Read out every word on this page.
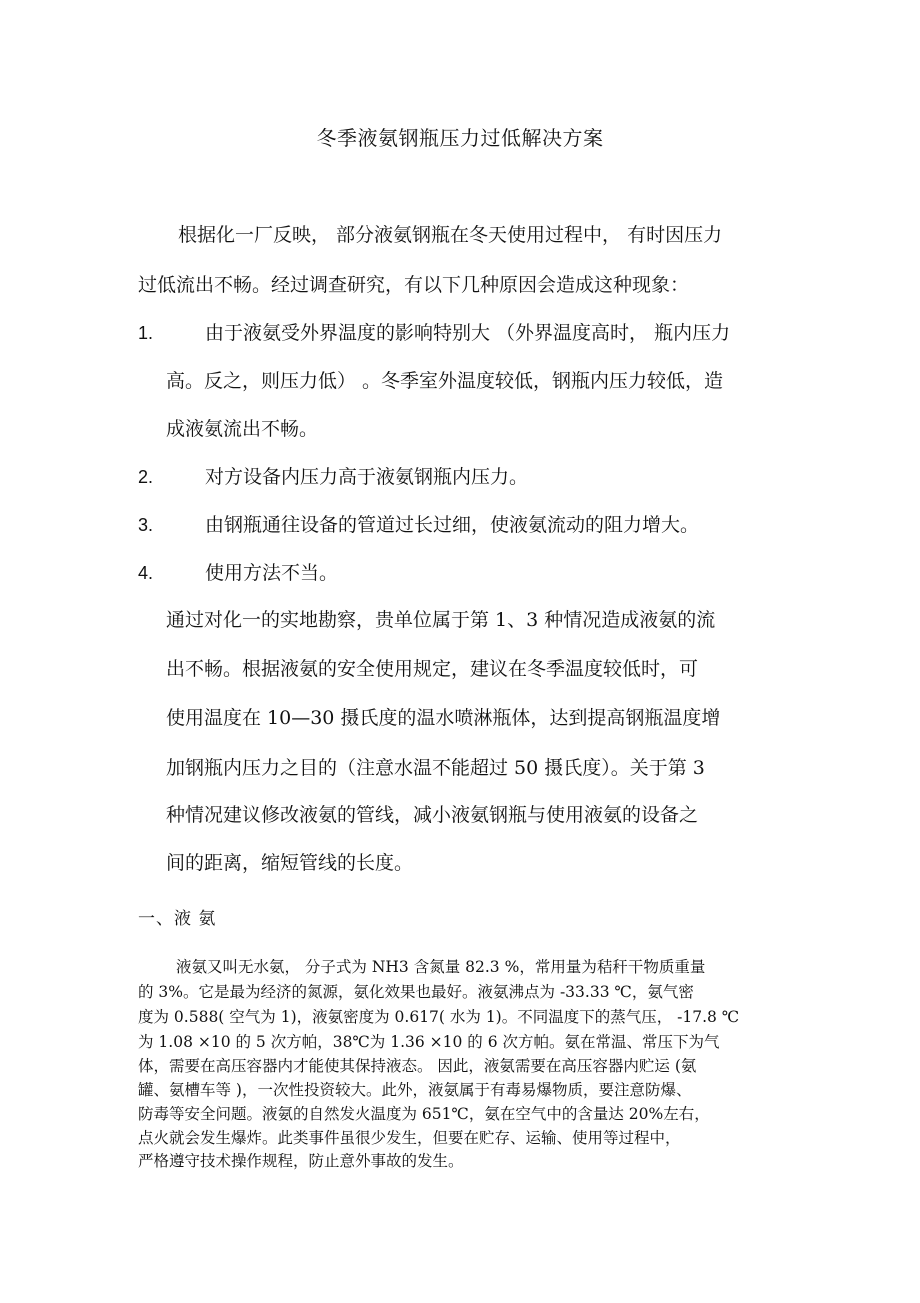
冬季液氨钢瓶压力过低解决方案
根据化一厂反映， 部分液氨钢瓶在冬天使用过程中， 有时因压力
过低流出不畅。经过调查研究，有以下几种原因会造成这种现象：
1.	由于液氨受外界温度的影响特别大 （外界温度高时， 瓶内压力
高。反之，则压力低） 。冬季室外温度较低，钢瓶内压力较低，造
成液氨流出不畅。
2.	对方设备内压力高于液氨钢瓶内压力。
3.	由钢瓶通往设备的管道过长过细，使液氨流动的阻力增大。
4.	使用方法不当。
通过对化一的实地勘察，贵单位属于第 1、3 种情况造成液氨的流
出不畅。根据液氨的安全使用规定，建议在冬季温度较低时，可
使用温度在 10—30 摄氏度的温水喷淋瓶体，达到提高钢瓶温度增
加钢瓶内压力之目的（注意水温不能超过 50 摄氏度）。关于第 3
种情况建议修改液氨的管线，减小液氨钢瓶与使用液氨的设备之
间的距离，缩短管线的长度。
一、液 氨
液氨又叫无水氨， 分子式为 NH3 含氮量 82.3 %，常用量为秸秆干物质重量
的 3%。它是最为经济的氮源，氨化效果也最好。液氨沸点为 -33.33 ℃，氨气密
度为 0.588( 空气为 1)，液氨密度为 0.617( 水为 1)。不同温度下的蒸气压， -17.8 ℃
为 1.08 ×10 的 5 次方帕，38℃为 1.36 ×10 的 6 次方帕。氨在常温、常压下为气
体，需要在高压容器内才能使其保持液态。 因此，液氨需要在高压容器内贮运 (氨
罐、氨槽车等 )，一次性投资较大。此外，液氨属于有毒易爆物质，要注意防爆、
防毒等安全问题。液氨的自然发火温度为 651℃，氨在空气中的含量达 20%左右，
点火就会发生爆炸。此类事件虽很少发生，但要在贮存、运输、使用等过程中，
严格遵守技术操作规程，防止意外事故的发生。
